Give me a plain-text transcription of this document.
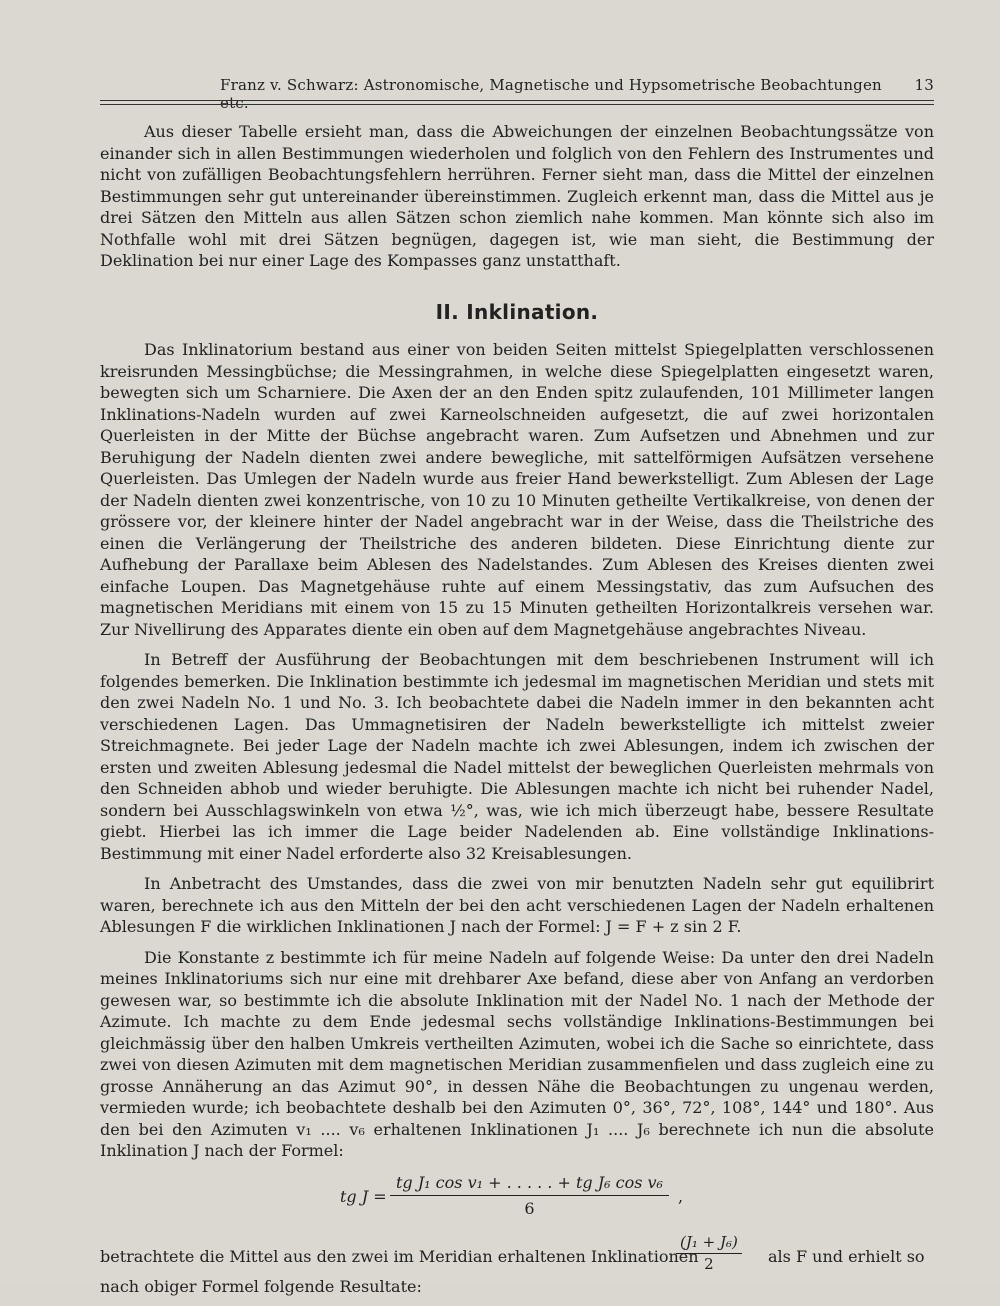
Franz v. Schwarz: Astronomische, Magnetische und Hypsometrische Beobachtungen etc.
13

Aus dieser Tabelle ersieht man, dass die Abweichungen der einzelnen Beobachtungssätze von einander sich in allen Bestimmungen wiederholen und folglich von den Fehlern des Instrumentes und nicht von zufälligen Beobachtungsfehlern herrühren. Ferner sieht man, dass die Mittel der einzelnen Bestimmungen sehr gut untereinander übereinstimmen. Zugleich erkennt man, dass die Mittel aus je drei Sätzen den Mitteln aus allen Sätzen schon ziemlich nahe kommen. Man könnte sich also im Nothfalle wohl mit drei Sätzen begnügen, dagegen ist, wie man sieht, die Bestimmung der Deklination bei nur einer Lage des Kompasses ganz unstatthaft.

II. Inklination.

Das Inklinatorium bestand aus einer von beiden Seiten mittelst Spiegelplatten verschlossenen kreisrunden Messingbüchse; die Messingrahmen, in welche diese Spiegelplatten eingesetzt waren, bewegten sich um Scharniere. Die Axen der an den Enden spitz zulaufenden, 101 Millimeter langen Inklinations-Nadeln wurden auf zwei Karneolschneiden aufgesetzt, die auf zwei horizontalen Querleisten in der Mitte der Büchse angebracht waren. Zum Aufsetzen und Abnehmen und zur Beruhigung der Nadeln dienten zwei andere bewegliche, mit sattelförmigen Aufsätzen versehene Querleisten. Das Umlegen der Nadeln wurde aus freier Hand bewerkstelligt. Zum Ablesen der Lage der Nadeln dienten zwei konzentrische, von 10 zu 10 Minuten getheilte Vertikalkreise, von denen der grössere vor, der kleinere hinter der Nadel angebracht war in der Weise, dass die Theilstriche des einen die Verlängerung der Theilstriche des anderen bildeten. Diese Einrichtung diente zur Aufhebung der Parallaxe beim Ablesen des Nadelstandes. Zum Ablesen des Kreises dienten zwei einfache Loupen. Das Magnetgehäuse ruhte auf einem Messingstativ, das zum Aufsuchen des magnetischen Meridians mit einem von 15 zu 15 Minuten getheilten Horizontalkreis versehen war. Zur Nivellirung des Apparates diente ein oben auf dem Magnetgehäuse angebrachtes Niveau.

In Betreff der Ausführung der Beobachtungen mit dem beschriebenen Instrument will ich folgendes bemerken. Die Inklination bestimmte ich jedesmal im magnetischen Meridian und stets mit den zwei Nadeln No. 1 und No. 3. Ich beobachtete dabei die Nadeln immer in den bekannten acht verschiedenen Lagen. Das Ummagnetisiren der Nadeln bewerkstelligte ich mittelst zweier Streichmagnete. Bei jeder Lage der Nadeln machte ich zwei Ablesungen, indem ich zwischen der ersten und zweiten Ablesung jedesmal die Nadel mittelst der beweglichen Querleisten mehrmals von den Schneiden abhob und wieder beruhigte. Die Ablesungen machte ich nicht bei ruhender Nadel, sondern bei Ausschlagswinkeln von etwa ½°, was, wie ich mich überzeugt habe, bessere Resultate giebt. Hierbei las ich immer die Lage beider Nadelenden ab. Eine vollständige Inklinations-Bestimmung mit einer Nadel erforderte also 32 Kreisablesungen.

In Anbetracht des Umstandes, dass die zwei von mir benutzten Nadeln sehr gut equilibrirt waren, berechnete ich aus den Mitteln der bei den acht verschiedenen Lagen der Nadeln erhaltenen Ablesungen F die wirklichen Inklinationen J nach der Formel: J = F + z sin 2 F.

Die Konstante z bestimmte ich für meine Nadeln auf folgende Weise: Da unter den drei Nadeln meines Inklinatoriums sich nur eine mit drehbarer Axe befand, diese aber von Anfang an verdorben gewesen war, so bestimmte ich die absolute Inklination mit der Nadel No. 1 nach der Methode der Azimute. Ich machte zu dem Ende jedesmal sechs vollständige Inklinations-Bestimmungen bei gleichmässig über den halben Umkreis vertheilten Azimuten, wobei ich die Sache so einrichtete, dass zwei von diesen Azimuten mit dem magnetischen Meridian zusammenfielen und dass zugleich eine zu grosse Annäherung an das Azimut 90°, in dessen Nähe die Beobachtungen zu ungenau werden, vermieden wurde; ich beobachtete deshalb bei den Azimuten 0°, 36°, 72°, 108°, 144° und 180°. Aus den bei den Azimuten v₁ .... v₆ erhaltenen Inklinationen J₁ .... J₆ berechnete ich nun die absolute Inklination J nach der Formel:

tg $J = \frac{\text{tg J₁ cos v₁ + . . . . . + tg J₆ cos v₆}}{6}$ ,
betrachtete die Mittel aus den zwei im Meridian erhaltenen Inklinationen
$\frac{\text{(J₁ + J₆)}}{2}$ als F und erhielt so

nach obiger Formel folgende Resultate:
